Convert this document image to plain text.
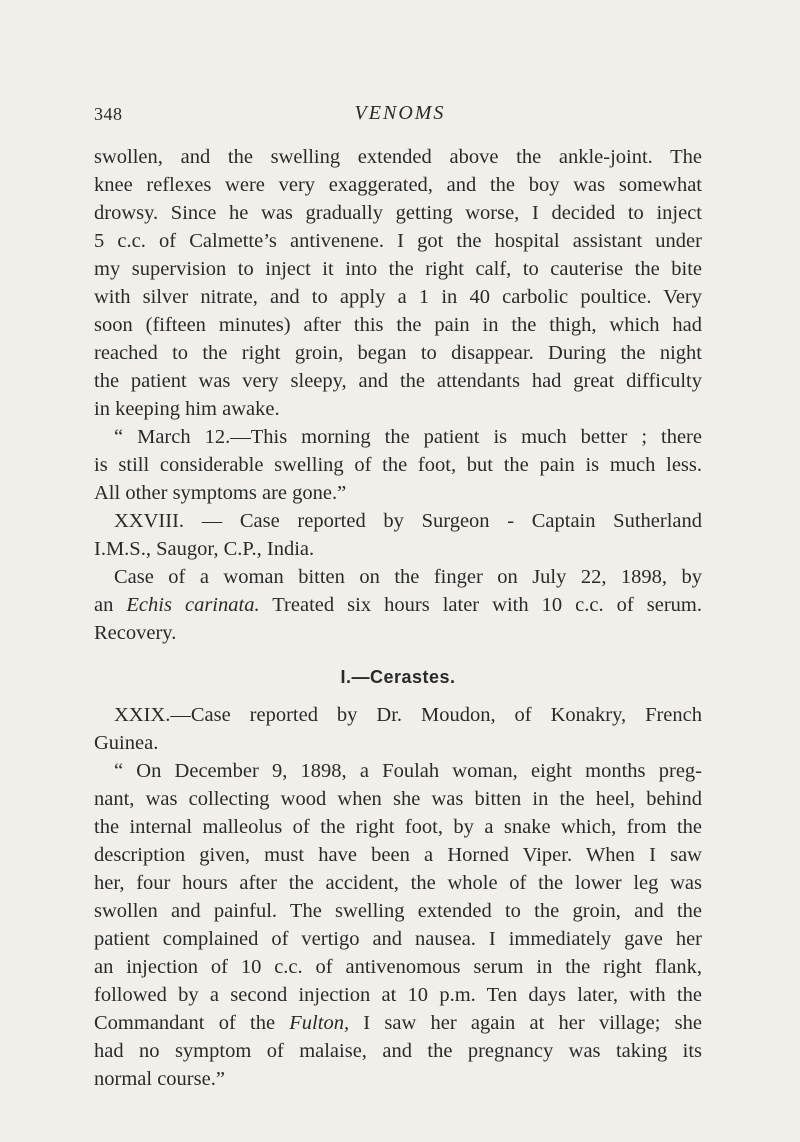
348	VENOMS
swollen, and the swelling extended above the ankle-joint. The
knee reflexes were very exaggerated, and the boy was somewhat
drowsy. Since he was gradually getting worse, I decided to inject
5 c.c. of Calmette’s antivenene. I got the hospital assistant under
my supervision to inject it into the right calf, to cauterise the bite
with silver nitrate, and to apply a 1 in 40 carbolic poultice. Very
soon (fifteen minutes) after this the pain in the thigh, which had
reached to the right groin, began to disappear. During the night
the patient was very sleepy, and the attendants had great difficulty
in keeping him awake.
“ March 12.—This morning the patient is much better ; there
is still considerable swelling of the foot, but the pain is much less.
All other symptoms are gone.”
XXVIII. — Case reported by Surgeon - Captain Sutherland
I.M.S., Saugor, C.P., India.
Case of a woman bitten on the finger on July 22, 1898, by
an Echis carinata. Treated six hours later with 10 c.c. of serum.
Recovery.
I.—Cerastes.
XXIX.—Case reported by Dr. Moudon, of Konakry, French
Guinea.
“ On December 9, 1898, a Foulah woman, eight months preg-
nant, was collecting wood when she was bitten in the heel, behind
the internal malleolus of the right foot, by a snake which, from the
description given, must have been a Horned Viper. When I saw
her, four hours after the accident, the whole of the lower leg was
swollen and painful. The swelling extended to the groin, and the
patient complained of vertigo and nausea. I immediately gave her
an injection of 10 c.c. of antivenomous serum in the right flank,
followed by a second injection at 10 p.m. Ten days later, with the
Commandant of the Fulton, I saw her again at her village; she
had no symptom of malaise, and the pregnancy was taking its
normal course.”
